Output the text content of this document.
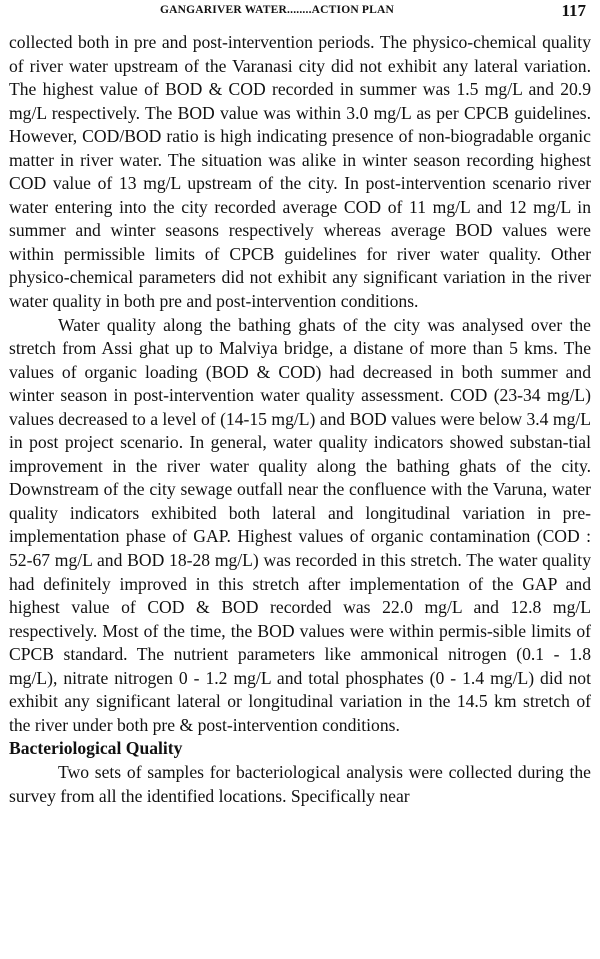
GANGARIVER WATER........ACTION PLAN	117

collected both in pre and post-intervention periods. The physico-chemical quality of river water upstream of the Varanasi city did not exhibit any lateral variation. The highest value of BOD & COD recorded in summer was 1.5 mg/L and 20.9 mg/L respectively. The BOD value was within 3.0 mg/L as per CPCB guidelines. However, COD/BOD ratio is high indicating presence of non-biogradable organic matter in river water. The situation was alike in winter season recording highest COD value of 13 mg/L upstream of the city. In post-intervention scenario river water entering into the city recorded average COD of 11 mg/L and 12 mg/L in summer and winter seasons respectively whereas average BOD values were within permissible limits of CPCB guidelines for river water quality. Other physico-chemical parameters did not exhibit any significant variation in the river water quality in both pre and post-intervention conditions.

Water quality along the bathing ghats of the city was analysed over the stretch from Assi ghat up to Malviya bridge, a distane of more than 5 kms. The values of organic loading (BOD & COD) had decreased in both summer and winter season in post-intervention water quality assessment. COD (23-34 mg/L) values decreased to a level of (14-15 mg/L) and BOD values were below 3.4 mg/L in post project scenario. In general, water quality indicators showed substan-tial improvement in the river water quality along the bathing ghats of the city. Downstream of the city sewage outfall near the confluence with the Varuna, water quality indicators exhibited both lateral and longitudinal variation in pre-implementation phase of GAP. Highest values of organic contamination (COD : 52-67 mg/L and BOD 18-28 mg/L) was recorded in this stretch. The water quality had definitely improved in this stretch after implementation of the GAP and highest value of COD & BOD recorded was 22.0 mg/L and 12.8 mg/L respectively. Most of the time, the BOD values were within permis-sible limits of CPCB standard. The nutrient parameters like ammonical nitrogen (0.1 - 1.8 mg/L), nitrate nitrogen 0 - 1.2 mg/L and total phosphates (0 - 1.4 mg/L) did not exhibit any significant lateral or longitudinal variation in the 14.5 km stretch of the river under both pre & post-intervention conditions.

Bacteriological Quality

Two sets of samples for bacteriological analysis were collected during the survey from all the identified locations. Specifically near
